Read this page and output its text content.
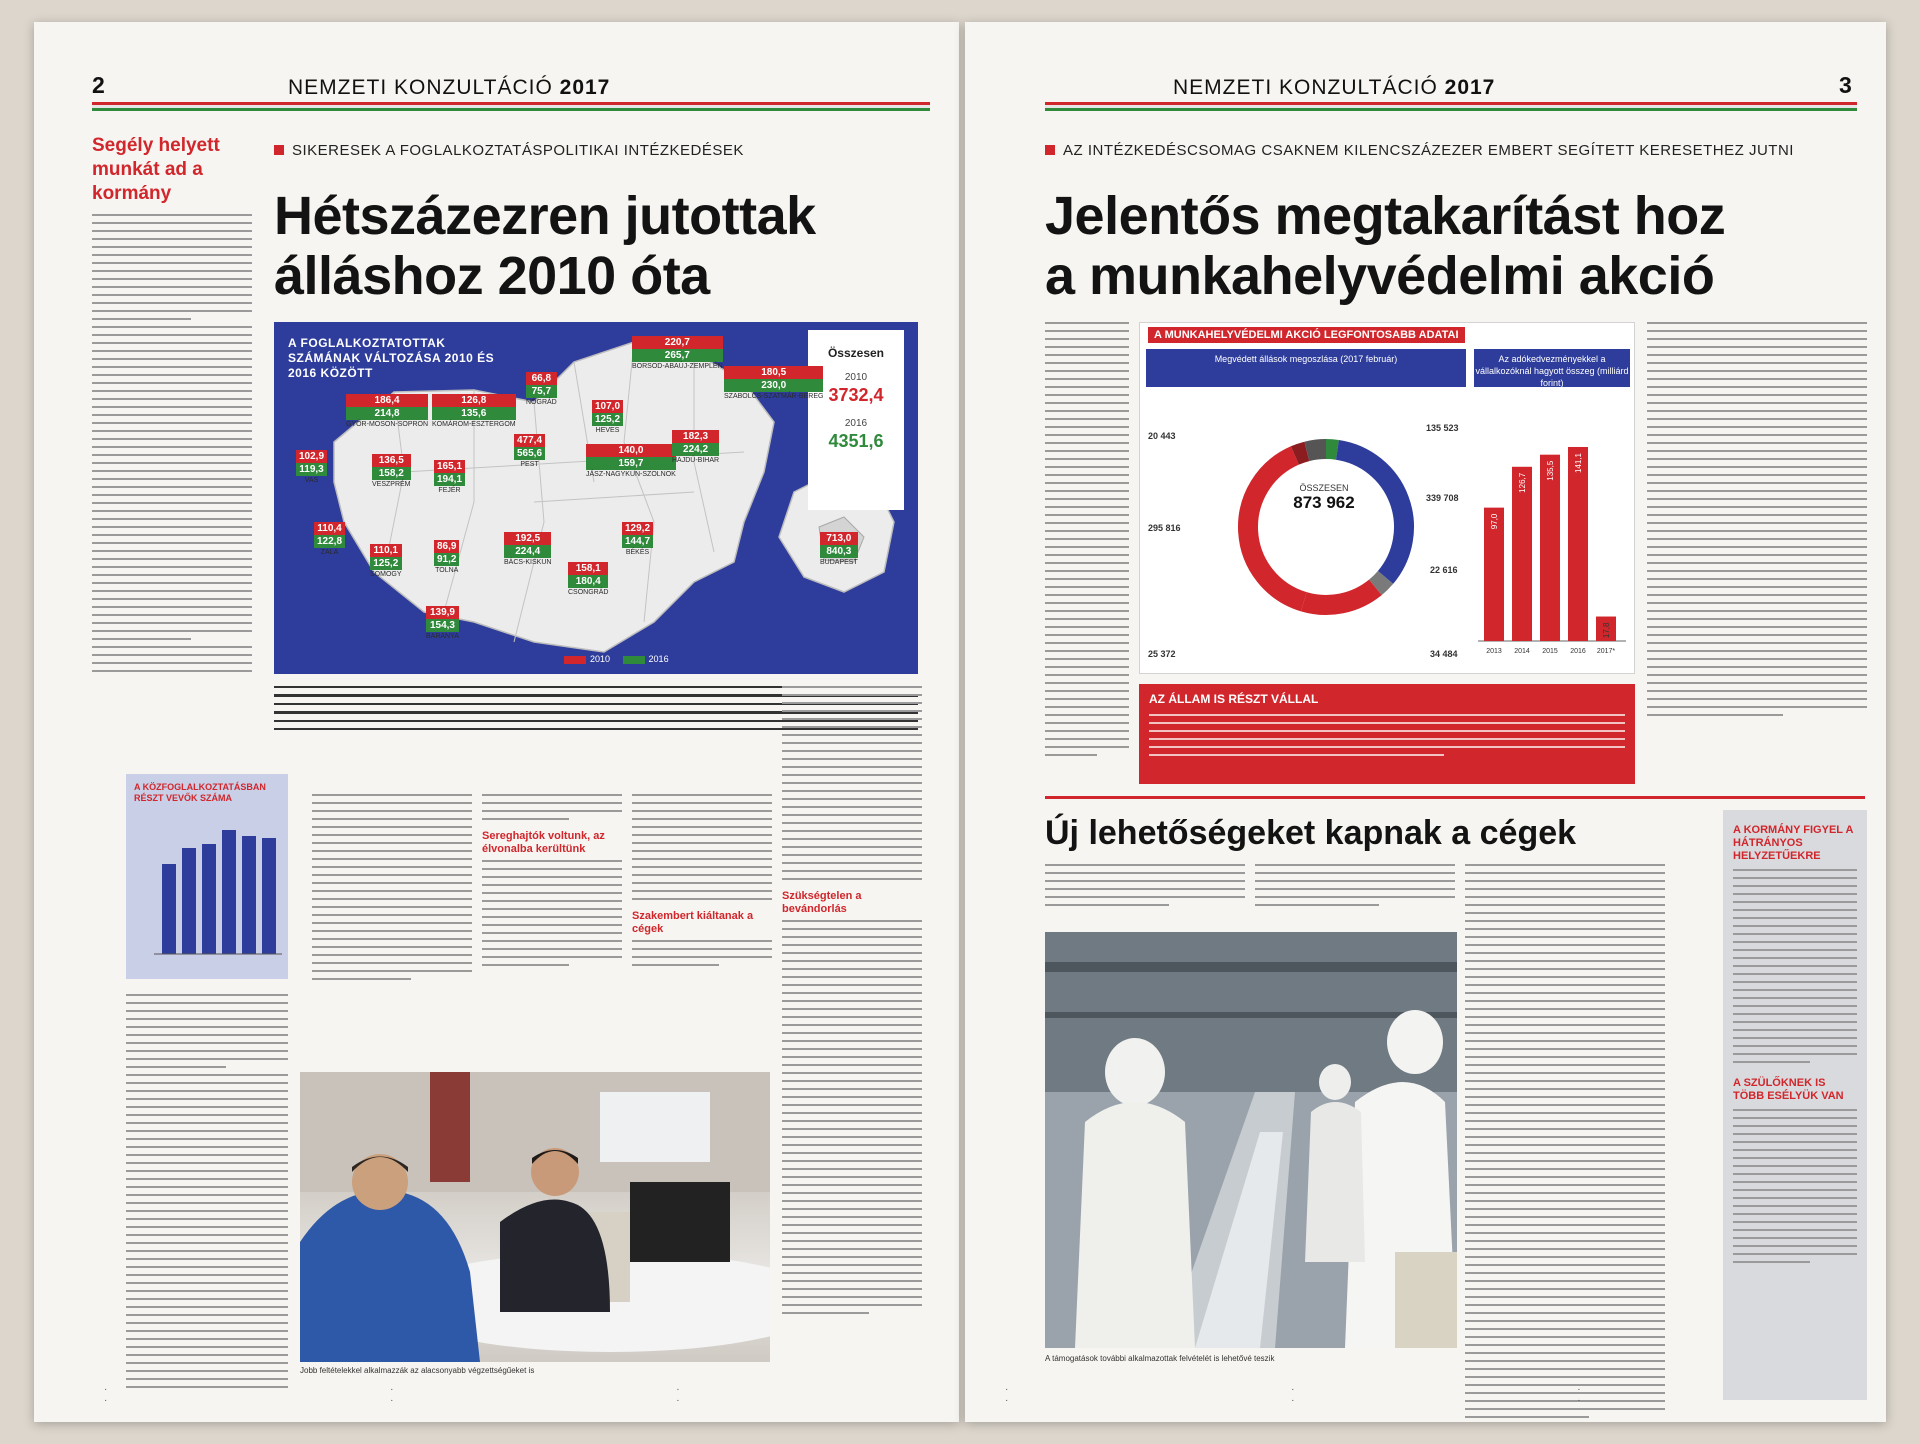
2	NEMZETI KONZULTÁCIÓ 2017
Segély helyett munkát ad a kormány
SIKERESEK A FOGLALKOZTATÁSPOLITIKAI INTÉZKEDÉSEK
Hétszázezren jutottak
álláshoz 2010 óta
A FOGLALKOZTATOTTAK SZÁMÁNAK VÁLTOZÁSA 2010 ÉS 2016 KÖZÖTT
Összesen
2010
3732,4
2016
4351,6
186,4
214,8
GYŐR-MOSON-SOPRON
126,8
135,6
KOMÁROM-ESZTERGOM
66,8
75,7
NÓGRÁD
220,7
265,7
BORSOD-ABAÚJ-ZEMPLÉN
180,5
230,0
SZABOLCS-SZATMÁR-BEREG
107,0
125,2
HEVES
102,9
119,3
VAS
136,5
158,2
VESZPRÉM
165,1
194,1
FEJÉR
477,4
565,6
PEST
140,0
159,7
JÁSZ-NAGYKUN-SZOLNOK
182,3
224,2
HAJDÚ-BIHAR
110,4
122,8
ZALA	110,1
125,2
SOMOGY
86,9
91,2
TOLNA
192,5
224,4
BÁCS-KISKUN
129,2
144,7
BÉKÉS
158,1
180,4
CSONGRÁD
139,9
154,3
BARANYA
713,0
840,3
BUDAPEST
2010	2016
A KÖZFOGLALKOZTATÁSBAN RÉSZT VEVŐK SZÁMA
Sereghajtók voltunk, az élvonalba kerültünk
Szakembert kiáltanak a cégek
Szükségtelen a bevándorlás
Jobb feltételekkel alkalmazzák az alacsonyabb végzettségűeket is
· · · · · ·
NEMZETI KONZULTÁCIÓ 2017	3
AZ INTÉZKEDÉSCSOMAG CSAKNEM KILENCSZÁZEZER EMBERT SEGÍTETT KERESETHEZ JUTNI
Jelentős megtakarítást hoz
a munkahelyvédelmi akció
A MUNKAHELYVÉDELMI AKCIÓ LEGFONTOSABB ADATAI
Megvédett állások megoszlása (2017 február)	Az adókedvezményekkel a vállalkozóknál hagyott összeg (milliárd forint)
ÖSSZESEN
873 962
20 443
295 816
25 372
135 523
339 708
22 616
34 484
97,0
2013
126,7
2014
135,5
2015
141,1
2016
17,8
2017*
AZ ÁLLAM IS RÉSZT VÁLLAL
Új lehetőségeket kapnak a cégek
A támogatások további alkalmazottak felvételét is lehetővé teszik
A KORMÁNY FIGYEL A HÁTRÁNYOS HELYZETŰEKRE
A SZÜLŐKNEK IS TÖBB ESÉLYÜK VAN
· · · · · ·
